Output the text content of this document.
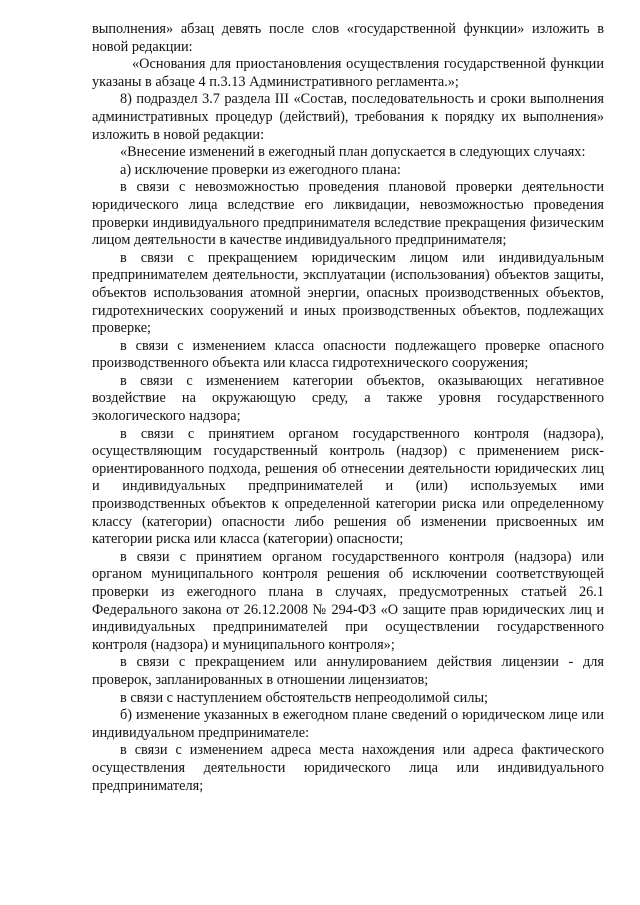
выполнения» абзац девять после слов «государственной функции» изложить в новой редакции:

«Основания для приостановления осуществления государственной функции указаны в абзаце 4 п.3.13 Административного регламента.»;

8) подраздел 3.7 раздела III «Состав, последовательность и сроки выполнения административных процедур (действий), требования к порядку их выполнения» изложить в новой редакции:

«Внесение изменений в ежегодный план допускается в следующих случаях:

а) исключение проверки из ежегодного плана:

в связи с невозможностью проведения плановой проверки деятельности юридического лица вследствие его ликвидации, невозможностью проведения проверки индивидуального предпринимателя вследствие прекращения физическим лицом деятельности в качестве индивидуального предпринимателя;

в связи с прекращением юридическим лицом или индивидуальным предпринимателем деятельности, эксплуатации (использования) объектов защиты, объектов использования атомной энергии, опасных производственных объектов, гидротехнических сооружений и иных производственных объектов, подлежащих проверке;

в связи с изменением класса опасности подлежащего проверке опасного производственного объекта или класса гидротехнического сооружения;

в связи с изменением категории объектов, оказывающих негативное воздействие на окружающую среду, а также уровня государственного экологического надзора;

в связи с принятием органом государственного контроля (надзора), осуществляющим государственный контроль (надзор) с применением риск-ориентированного подхода, решения об отнесении деятельности юридических лиц и индивидуальных предпринимателей и (или) используемых ими производственных объектов к определенной категории риска или определенному классу (категории) опасности либо решения об изменении присвоенных им категории риска или класса (категории) опасности;

в связи с принятием органом государственного контроля (надзора) или органом муниципального контроля решения об исключении соответствующей проверки из ежегодного плана в случаях, предусмотренных статьей 26.1 Федерального закона от 26.12.2008 № 294-ФЗ «О защите прав юридических лиц и индивидуальных предпринимателей при осуществлении государственного контроля (надзора) и муниципального контроля»;

в связи с прекращением или аннулированием действия лицензии - для проверок, запланированных в отношении лицензиатов;

в связи с наступлением обстоятельств непреодолимой силы;

б) изменение указанных в ежегодном плане сведений о юридическом лице или индивидуальном предпринимателе:

в связи с изменением адреса места нахождения или адреса фактического осуществления деятельности юридического лица или индивидуального предпринимателя;
